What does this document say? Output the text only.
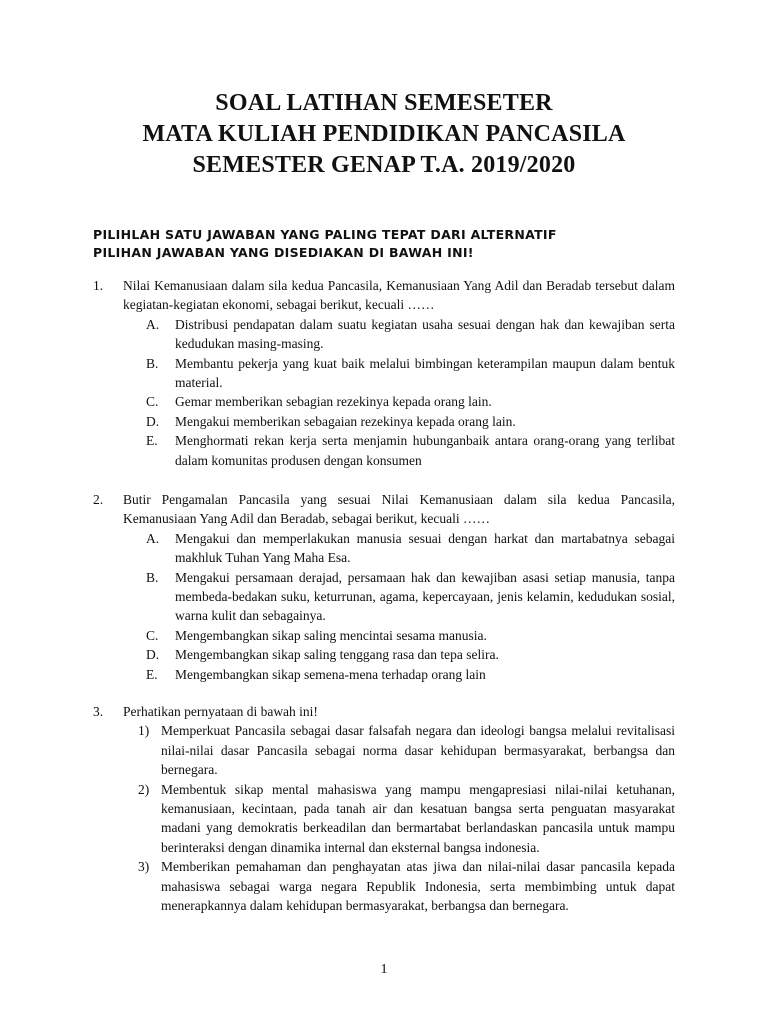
SOAL LATIHAN SEMESETER
MATA KULIAH PENDIDIKAN PANCASILA
SEMESTER GENAP T.A. 2019/2020
PILIHLAH SATU JAWABAN YANG PALING TEPAT DARI ALTERNATIF
PILIHAN JAWABAN YANG DISEDIAKAN DI BAWAH INI!
1. Nilai Kemanusiaan dalam sila kedua Pancasila, Kemanusiaan Yang Adil dan Beradab tersebut dalam kegiatan-kegiatan ekonomi, sebagai berikut, kecuali ……
A. Distribusi pendapatan dalam suatu kegiatan usaha sesuai dengan hak dan kewajiban serta kedudukan masing-masing.
B. Membantu pekerja yang kuat baik melalui bimbingan keterampilan maupun dalam bentuk material.
C. Gemar memberikan sebagian rezekinya kepada orang lain.
D. Mengakui memberikan sebagaian rezekinya kepada orang lain.
E. Menghormati rekan kerja serta menjamin hubunganbaik antara orang-orang yang terlibat dalam komunitas produsen dengan konsumen
2. Butir Pengamalan Pancasila yang sesuai Nilai Kemanusiaan dalam sila kedua Pancasila, Kemanusiaan Yang Adil dan Beradab, sebagai berikut, kecuali ……
A. Mengakui dan memperlakukan manusia sesuai dengan harkat dan martabatnya sebagai makhluk Tuhan Yang Maha Esa.
B. Mengakui persamaan derajad, persamaan hak dan kewajiban asasi setiap manusia, tanpa membeda-bedakan suku, keturrunan, agama, kepercayaan, jenis kelamin, kedudukan sosial, warna kulit dan sebagainya.
C. Mengembangkan sikap saling mencintai sesama manusia.
D. Mengembangkan sikap saling tenggang rasa dan tepa selira.
E. Mengembangkan sikap semena-mena terhadap orang lain
3. Perhatikan pernyataan di bawah ini!
1) Memperkuat Pancasila sebagai dasar falsafah negara dan ideologi bangsa melalui revitalisasi nilai-nilai dasar Pancasila sebagai norma dasar kehidupan bermasyarakat, berbangsa dan bernegara.
2) Membentuk sikap mental mahasiswa yang mampu mengapresiasi nilai-nilai ketuhanan, kemanusiaan, kecintaan, pada tanah air dan kesatuan bangsa serta penguatan masyarakat madani yang demokratis berkeadilan dan bermartabat berlandaskan pancasila untuk mampu berinteraksi dengan dinamika internal dan eksternal bangsa indonesia.
3) Memberikan pemahaman dan penghayatan atas jiwa dan nilai-nilai dasar pancasila kepada mahasiswa sebagai warga negara Republik Indonesia, serta membimbing untuk dapat menerapkannya dalam kehidupan bermasyarakat, berbangsa dan bernegara.
1
